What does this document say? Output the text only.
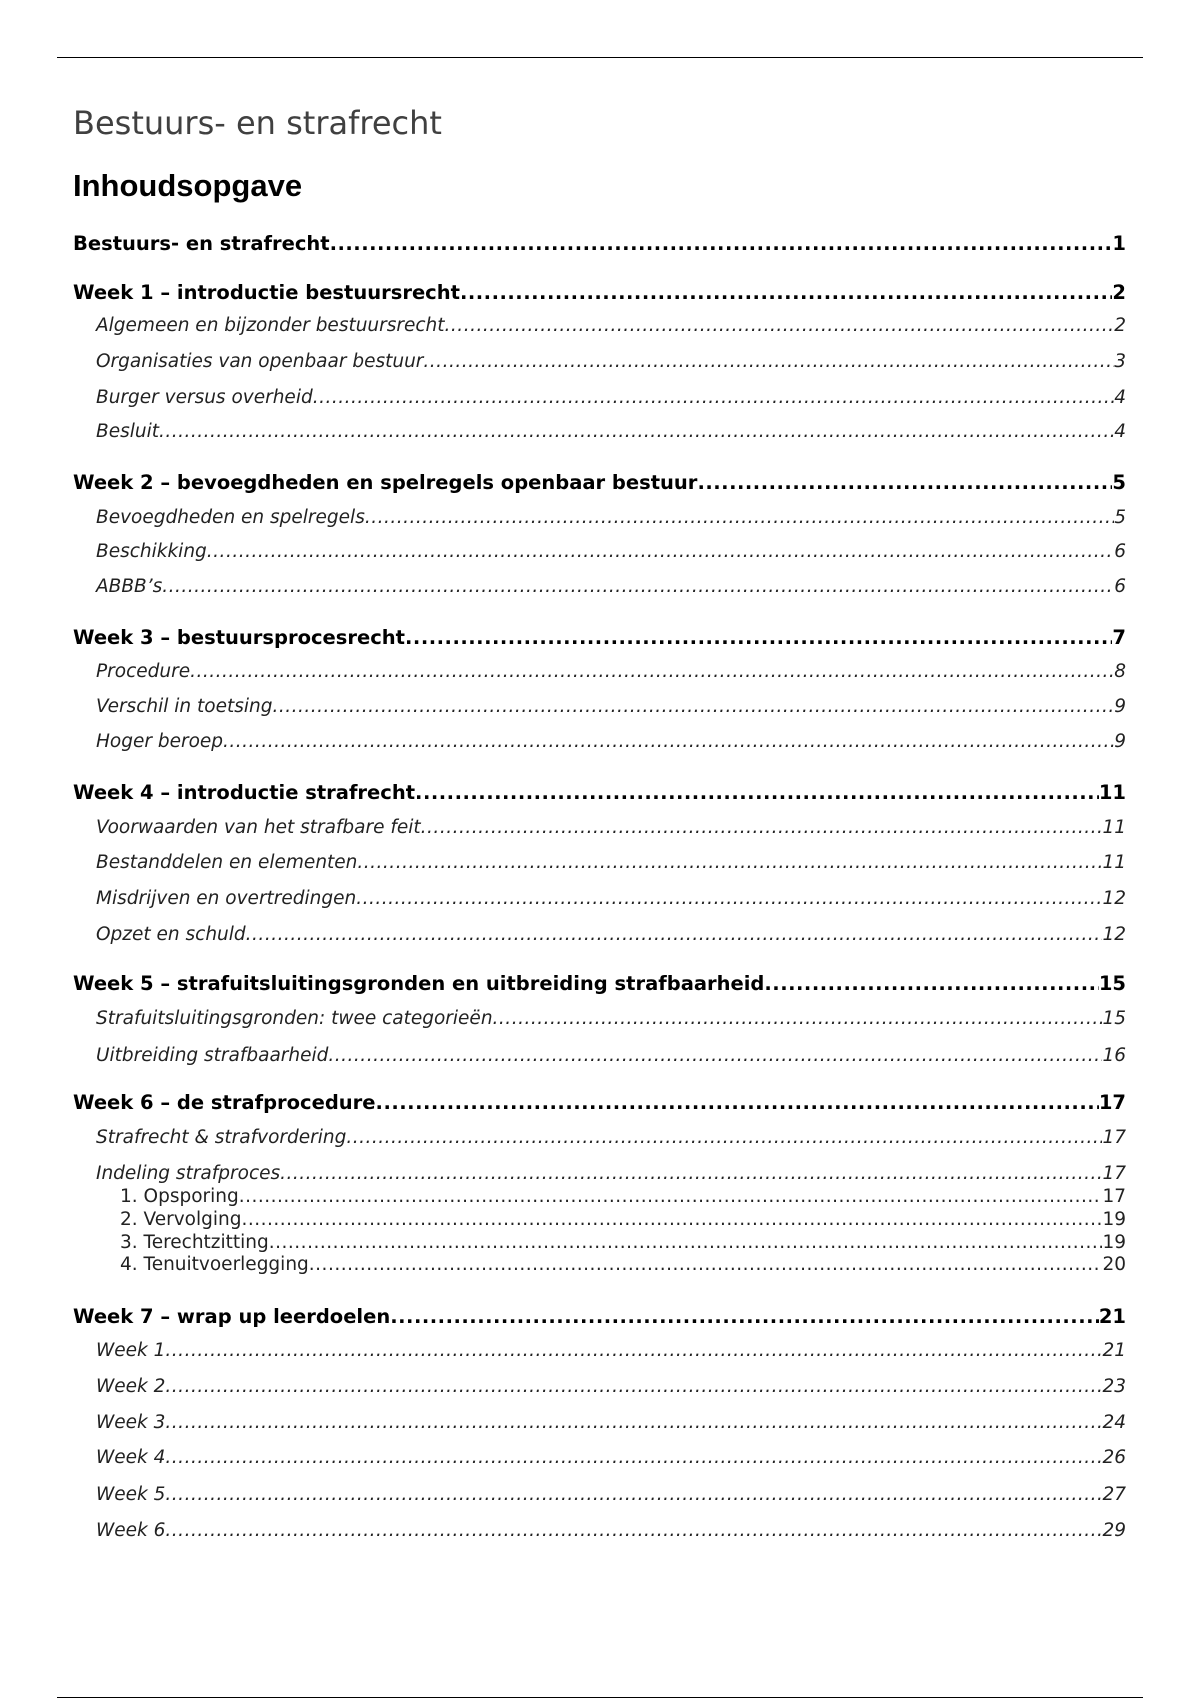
Bestuurs- en strafrecht
Inhoudsopgave
Bestuurs- en strafrecht .....	1
Week 1 – introductie bestuursrecht .....	2
Algemeen en bijzonder bestuursrecht .....	2
Organisaties van openbaar bestuur .....	3
Burger versus overheid .....	4
Besluit .....	4
Week 2 – bevoegdheden en spelregels openbaar bestuur .....	5
Bevoegdheden en spelregels .....	5
Beschikking .....	6
ABBB’s .....	6
Week 3 – bestuursprocesrecht .....	7
Procedure .....	8
Verschil in toetsing .....	9
Hoger beroep .....	9
Week 4 – introductie strafrecht .....	11
Voorwaarden van het strafbare feit .....	11
Bestanddelen en elementen .....	11
Misdrijven en overtredingen .....	12
Opzet en schuld .....	12
Week 5 – strafuitsluitingsgronden en uitbreiding strafbaarheid .....	15
Strafuitsluitingsgronden: twee categorieën .....	15
Uitbreiding strafbaarheid .....	16
Week 6 – de strafprocedure .....	17
Strafrecht & strafvordering .....	17
Indeling strafproces .....	17
1. Opsporing .....	17
2. Vervolging .....	19
3. Terechtzitting .....	19
4. Tenuitvoerlegging .....	20
Week 7 – wrap up leerdoelen .....	21
Week 1 .....	21
Week 2 .....	23
Week 3 .....	24
Week 4 .....	26
Week 5 .....	27
Week 6 .....	29
